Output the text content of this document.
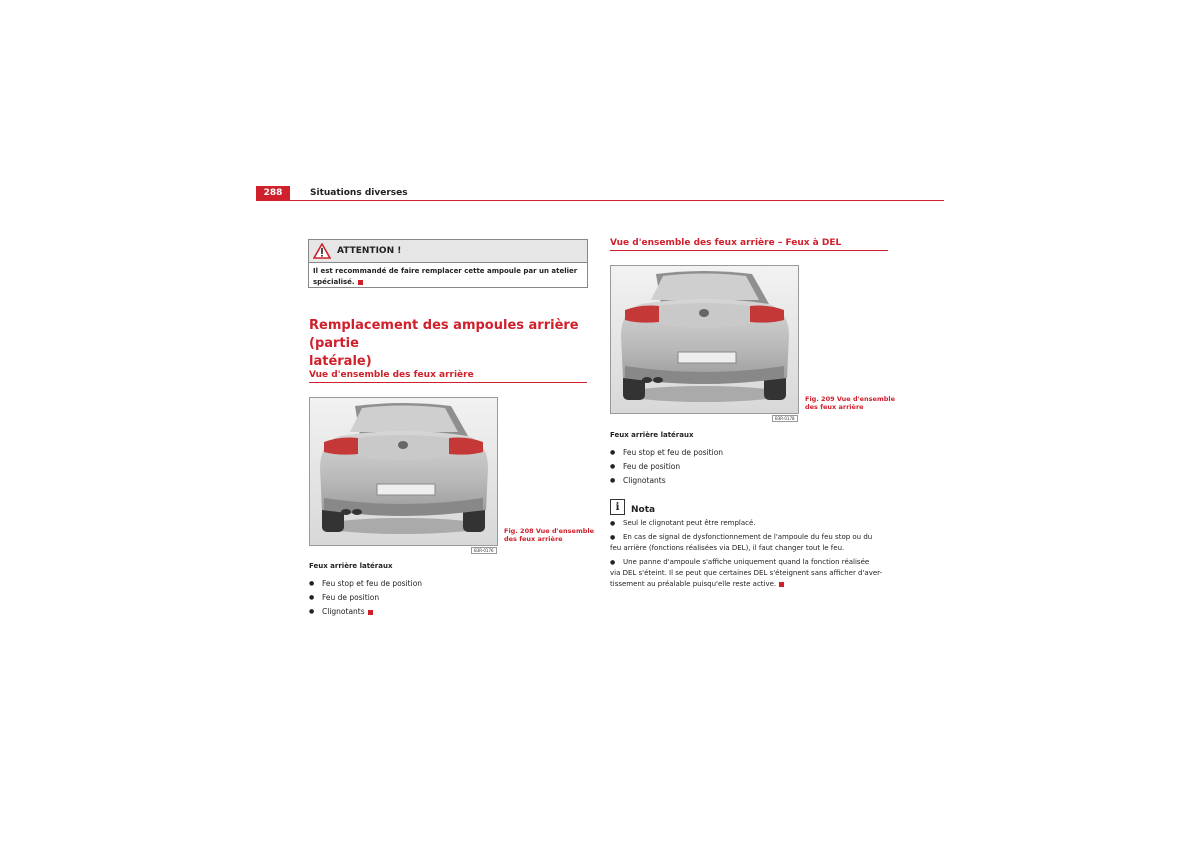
288	Situations diverses
ATTENTION !
Il est recommandé de faire remplacer cette ampoule par un atelier
spécialisé.
Remplacement des ampoules arrière (partie
latérale)
Vue d'ensemble des feux arrière
B3R-0176
Fig. 208 Vue d'ensemble
des feux arrière
Feux arrière latéraux
● Feu stop et feu de position
● Feu de position
● Clignotants
Vue d'ensemble des feux arrière – Feux à DEL
B3R-0178
Fig. 209 Vue d'ensemble
des feux arrière
Feux arrière latéraux
● Feu stop et feu de position
● Feu de position
● Clignotants
i	Nota
● Seul le clignotant peut être remplacé.
● En cas de signal de dysfonctionnement de l'ampoule du feu stop ou du
feu arrière (fonctions réalisées via DEL), il faut changer tout le feu.
● Une panne d'ampoule s'affiche uniquement quand la fonction réalisée
via DEL s'éteint. Il se peut que certaines DEL s'éteignent sans afficher d'aver-
tissement au préalable puisqu'elle reste active.
